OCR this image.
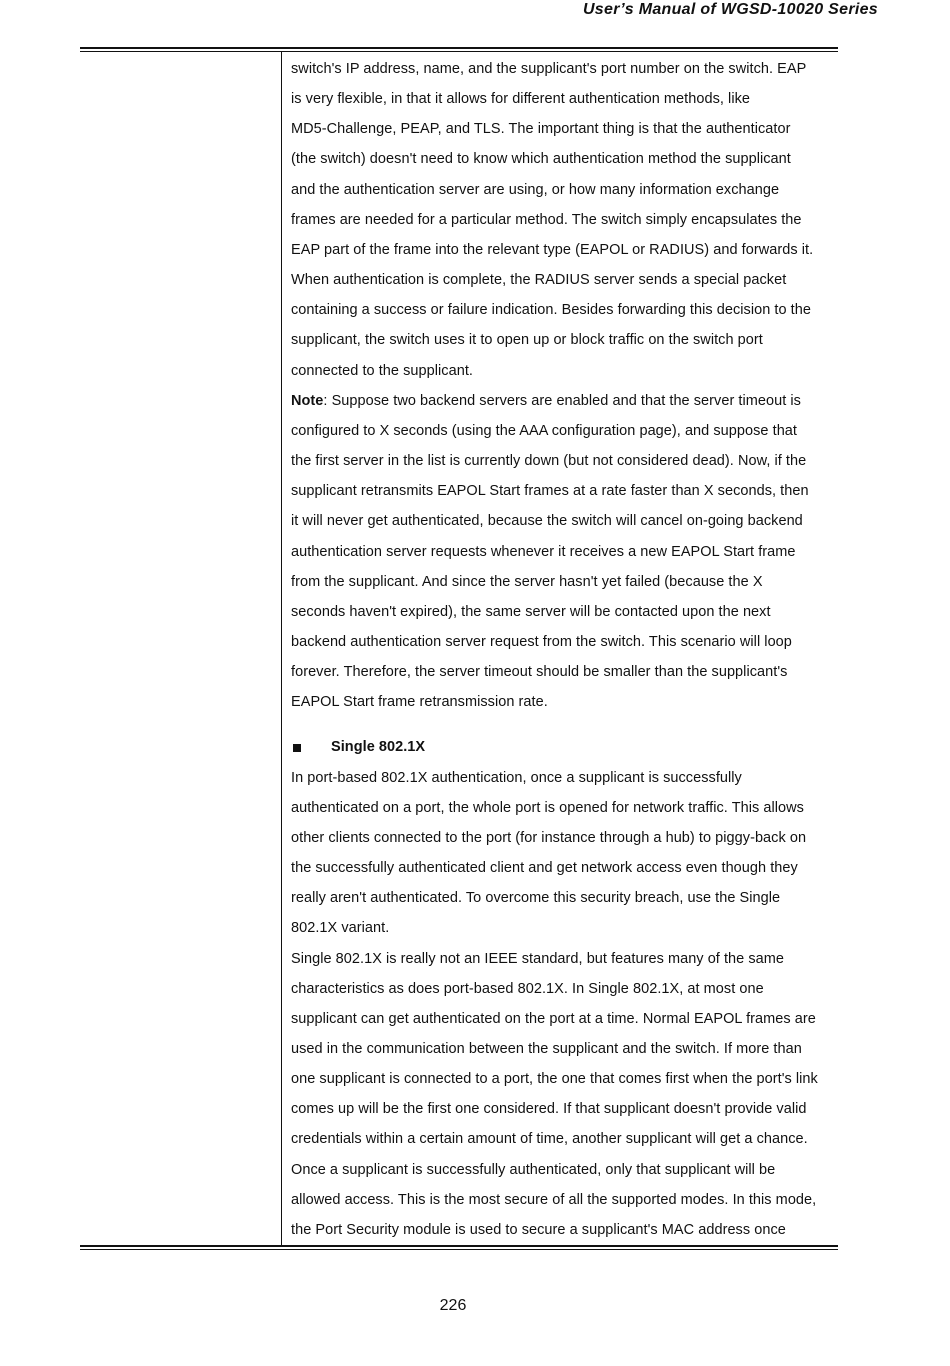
User’s Manual of WGSD-10020 Series

switch's IP address, name, and the supplicant's port number on the switch. EAP

is very flexible, in that it allows for different authentication methods, like

MD5-Challenge, PEAP, and TLS. The important thing is that the authenticator

(the switch) doesn't need to know which authentication method the supplicant

and the authentication server are using, or how many information exchange

frames are needed for a particular method. The switch simply encapsulates the

EAP part of the frame into the relevant type (EAPOL or RADIUS) and forwards it.

When authentication is complete, the RADIUS server sends a special packet

containing a success or failure indication. Besides forwarding this decision to the

supplicant, the switch uses it to open up or block traffic on the switch port

connected to the supplicant.

Note: Suppose two backend servers are enabled and that the server timeout is

configured to X seconds (using the AAA configuration page), and suppose that

the first server in the list is currently down (but not considered dead). Now, if the

supplicant retransmits EAPOL Start frames at a rate faster than X seconds, then

it will never get authenticated, because the switch will cancel on-going backend

authentication server requests whenever it receives a new EAPOL Start frame

from the supplicant. And since the server hasn't yet failed (because the X

seconds haven't expired), the same server will be contacted upon the next

backend authentication server request from the switch. This scenario will loop

forever. Therefore, the server timeout should be smaller than the supplicant's

EAPOL Start frame retransmission rate.

Single 802.1X

In port-based 802.1X authentication, once a supplicant is successfully

authenticated on a port, the whole port is opened for network traffic. This allows

other clients connected to the port (for instance through a hub) to piggy-back on

the successfully authenticated client and get network access even though they

really aren't authenticated. To overcome this security breach, use the Single

802.1X variant.

Single 802.1X is really not an IEEE standard, but features many of the same

characteristics as does port-based 802.1X. In Single 802.1X, at most one

supplicant can get authenticated on the port at a time. Normal EAPOL frames are

used in the communication between the supplicant and the switch. If more than

one supplicant is connected to a port, the one that comes first when the port's link

comes up will be the first one considered. If that supplicant doesn't provide valid

credentials within a certain amount of time, another supplicant will get a chance.

Once a supplicant is successfully authenticated, only that supplicant will be

allowed access. This is the most secure of all the supported modes. In this mode,

the Port Security module is used to secure a supplicant's MAC address once

226
